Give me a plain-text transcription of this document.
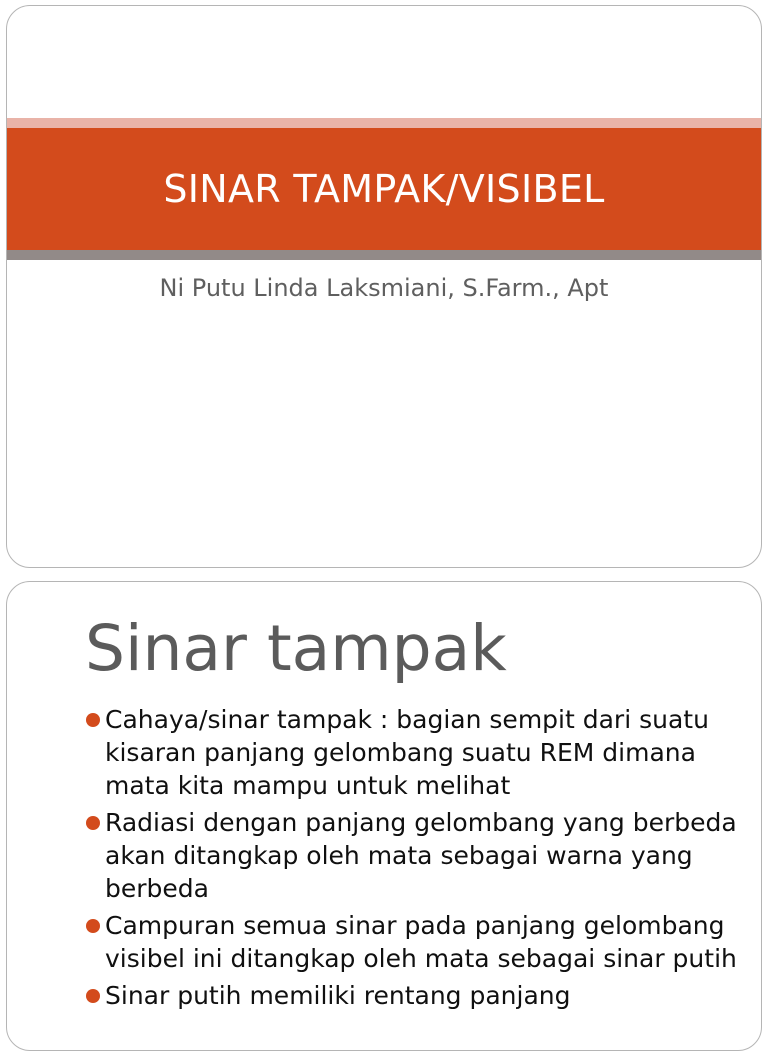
SINAR TAMPAK/VISIBEL
Ni Putu Linda Laksmiani, S.Farm., Apt
Sinar tampak
Cahaya/sinar tampak : bagian sempit dari suatu kisaran panjang gelombang suatu REM dimana mata kita mampu untuk melihat
Radiasi dengan panjang gelombang yang berbeda akan ditangkap oleh mata sebagai warna yang berbeda
Campuran semua sinar pada panjang gelombang visibel ini ditangkap oleh mata sebagai sinar putih
Sinar putih memiliki rentang panjang
